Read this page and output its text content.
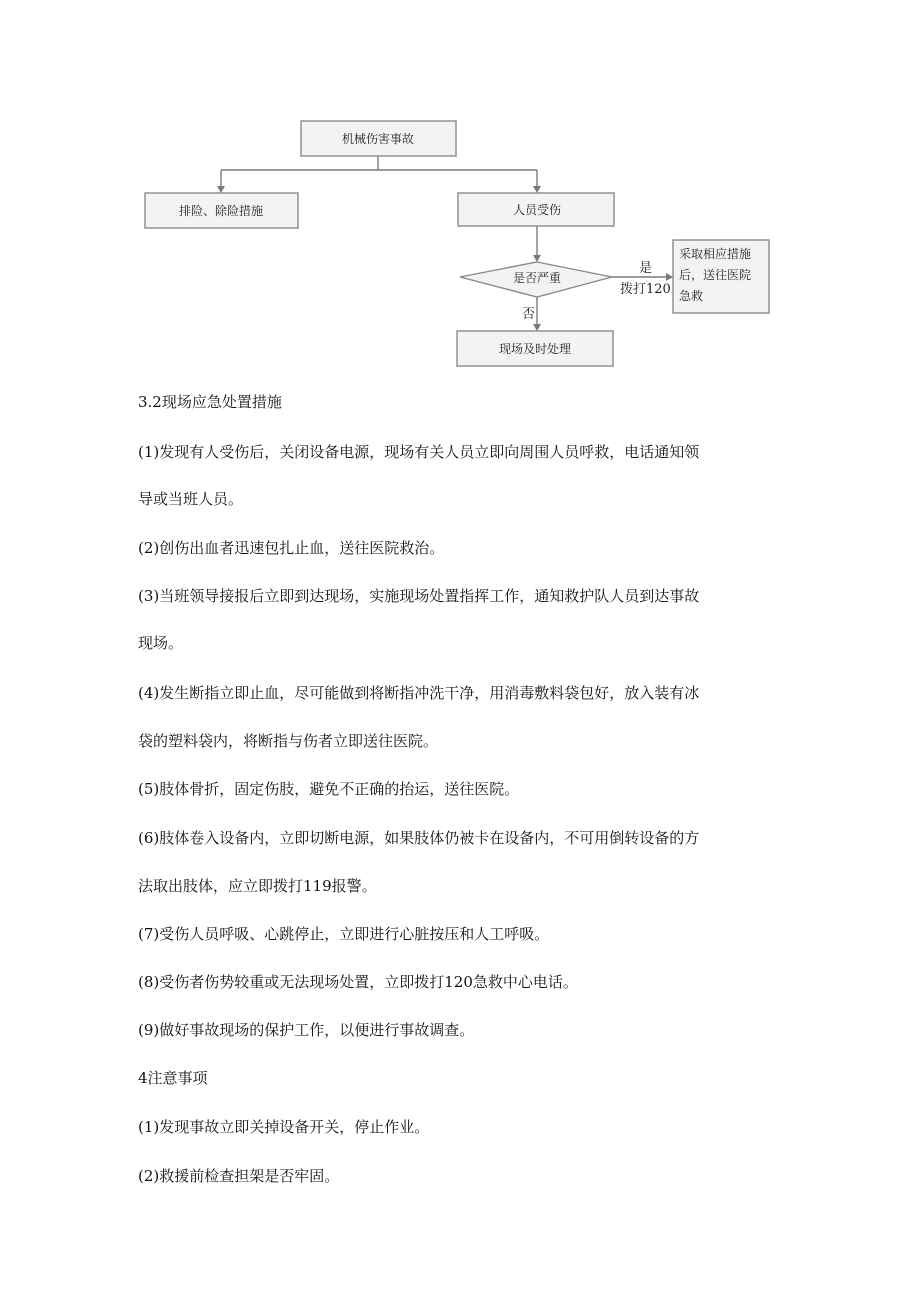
机械伤害事故
排险、除险措施	人员受伤
是否严重
采取相应措施
后，送往医院
急救
现场及时处理
是
拨打120
否

3.2现场应急处置措施

(1)发现有人受伤后，关闭设备电源，现场有关人员立即向周围人员呼救，电话通知领

导或当班人员。

(2)创伤出血者迅速包扎止血，送往医院救治。

(3)当班领导接报后立即到达现场，实施现场处置指挥工作，通知救护队人员到达事故

现场。

(4)发生断指立即止血，尽可能做到将断指冲洗干净，用消毒敷料袋包好，放入装有冰

袋的塑料袋内，将断指与伤者立即送往医院。

(5)肢体骨折，固定伤肢，避免不正确的抬运，送往医院。

(6)肢体卷入设备内，立即切断电源，如果肢体仍被卡在设备内，不可用倒转设备的方

法取出肢体，应立即拨打119报警。

(7)受伤人员呼吸、心跳停止，立即进行心脏按压和人工呼吸。

(8)受伤者伤势较重或无法现场处置，立即拨打120急救中心电话。

(9)做好事故现场的保护工作，以便进行事故调查。

4注意事项

(1)发现事故立即关掉设备开关，停止作业。

(2)救援前检查担架是否牢固。
